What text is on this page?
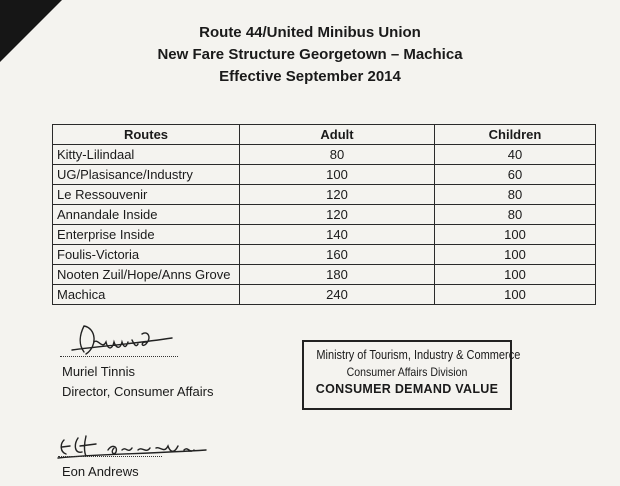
Route 44/United Minibus Union
New Fare Structure Georgetown – Machica
Effective September 2014
Routes	Adult	Children
Kitty-Lilindaal	80	40
UG/Plasisance/Industry	100	60
Le Ressouvenir	120	80
Annandale Inside	120	80
Enterprise Inside	140	100
Foulis-Victoria	160	100
Nooten Zuil/Hope/Anns Grove	180	100
Machica	240	100
Muriel Tinnis
Director, Consumer Affairs
Ministry of Tourism, Industry & Commerce
Consumer Affairs Division
CONSUMER DEMAND VALUE
Eon Andrews
